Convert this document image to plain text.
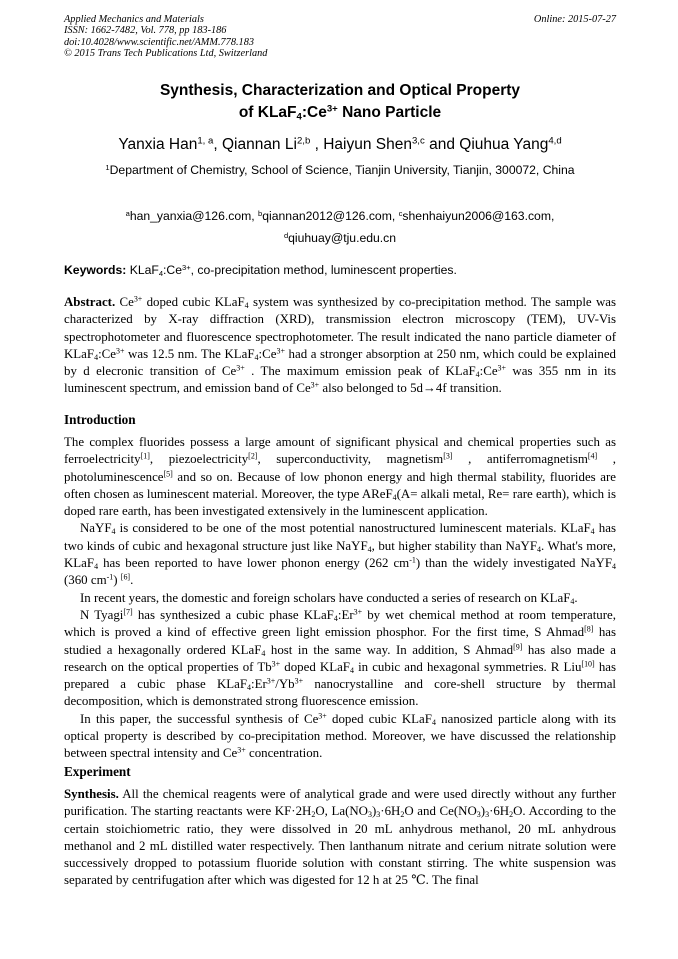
Applied Mechanics and Materials
ISSN: 1662-7482, Vol. 778, pp 183-186
doi:10.4028/www.scientific.net/AMM.778.183
© 2015 Trans Tech Publications Ltd, Switzerland
Online: 2015-07-27
Synthesis, Characterization and Optical Property
of $KLaF_4:Ce^{3+}$ Nano Particle
Yanxia Han$^{1, a}$, Qiannan Li$^{2,b}$ , Haiyun Shen$^{3,c}$ and Qiuhua Yang$^{4,d}$
$^1$Department of Chemistry, School of Science, Tianjin University, Tianjin, 300072, China
$^a$han_yanxia@126.com, $^b$qiannan2012@126.com, $^c$shenhaiyun2006@163.com,
$^d$qiuhuay@tju.edu.cn
Keywords: $KLaF_4:Ce^{3+}$, co-precipitation method, luminescent properties.

Abstract. $Ce^{3+}$ doped cubic KLaF$_4$ system was synthesized by co-precipitation method. The sample was characterized by X-ray diffraction (XRD), transmission electron microscopy (TEM), UV-Vis spectrophotometer and fluorescence spectrophotometer. The result indicated the nano particle diameter of $KLaF_4:Ce^{3+}$ was 12.5 nm. The $KLaF_4:Ce^{3+}$ had a stronger absorption at 250 nm, which could be explained by d elecronic transition of $Ce^{3+}$ . The maximum emission peak of $KLaF_4:Ce^{3+}$ was 355 nm in its luminescent spectrum, and emission band of $Ce^{3+}$ also belonged to 5d→4f transition.

Introduction

The complex fluorides possess a large amount of significant physical and chemical properties such as ferroelectricity[1], piezoelectricity[2], superconductivity, magnetism[3] , antiferromagnetism[4] , photoluminescence[5] and so on. Because of low phonon energy and high thermal stability, fluorides are often chosen as luminescent material. Moreover, the type AReF$_4$(A= alkali metal, Re= rare earth), which is doped rare earth, has been investigated extensively in the luminescent application.

NaYF$_4$ is considered to be one of the most potential nanostructured luminescent materials. KLaF$_4$ has two kinds of cubic and hexagonal structure just like NaYF$_4$, but higher stability than NaYF$_4$. What's more, KLaF$_4$ has been reported to have lower phonon energy (262 $cm^{-1}$) than the widely investigated NaYF$_4$ (360 $cm^{-1}$) [6].

In recent years, the domestic and foreign scholars have conducted a series of research on KLaF$_4$.

N Tyagi[7] has synthesized a cubic phase $KLaF_4:Er^{3+}$ by wet chemical method at room temperature, which is proved a kind of effective green light emission phosphor. For the first time, S Ahmad[8] has studied a hexagonally ordered KLaF$_4$ host in the same way. In addition, S Ahmad[9] has also made a research on the optical properties of $Tb^{3+}$ doped KLaF$_4$ in cubic and hexagonal symmetries. R Liu[10] has prepared a cubic phase $KLaF_4:Er^{3+}/Yb^{3+}$ nanocrystalline and core-shell structure by thermal decomposition, which is demonstrated strong fluorescence emission.

In this paper, the successful synthesis of $Ce^{3+}$ doped cubic KLaF$_4$ nanosized particle along with its optical property is described by co-precipitation method. Moreover, we have discussed the relationship between spectral intensity and $Ce^{3+}$ concentration.

Experiment

Synthesis. All the chemical reagents were of analytical grade and were used directly without any further purification. The starting reactants were $KF\cdot 2H_2O$, $La(NO_3)_3\cdot 6H_2O$ and $Ce(NO_3)_3\cdot 6H_2O$. According to the certain stoichiometric ratio, they were dissolved in 20 mL anhydrous methanol, 20 mL anhydrous methanol and 2 mL distilled water respectively. Then lanthanum nitrate and cerium nitrate solution were successively dropped to potassium fluoride solution with constant stirring. The white suspension was separated by centrifugation after which was digested for 12 h at 25 ℃. The final
